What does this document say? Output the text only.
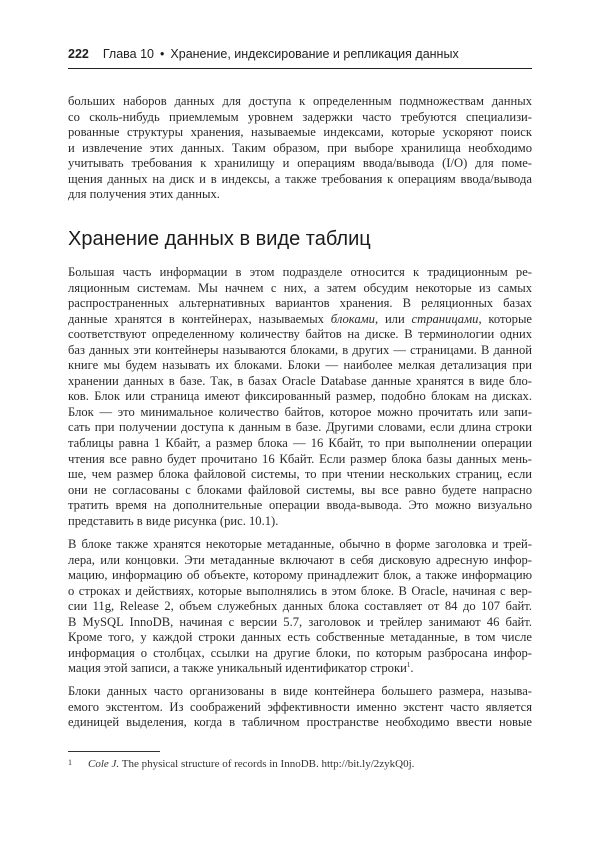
222 Глава 10 • Хранение, индексирование и репликация данных
больших наборов данных для доступа к определенным подмножествам данных
со сколь-нибудь приемлемым уровнем задержки часто требуются специализи-
рованные структуры хранения, называемые индексами, которые ускоряют поиск
и извлечение этих данных. Таким образом, при выборе хранилища необходимо
учитывать требования к хранилищу и операциям ввода/вывода (I/O) для поме-
щения данных на диск и в индексы, а также требования к операциям ввода/вывода
для получения этих данных.
Хранение данных в виде таблиц
Большая часть информации в этом подразделе относится к традиционным ре-
ляционным системам. Мы начнем с них, а затем обсудим некоторые из самых
распространенных альтернативных вариантов хранения. В реляционных базах
данные хранятся в контейнерах, называемых блоками, или страницами, которые
соответствуют определенному количеству байтов на диске. В терминологии одних
баз данных эти контейнеры называются блоками, в других — страницами. В данной
книге мы будем называть их блоками. Блоки — наиболее мелкая детализация при
хранении данных в базе. Так, в базах Oracle Database данные хранятся в виде бло-
ков. Блок или страница имеют фиксированный размер, подобно блокам на дисках.
Блок — это минимальное количество байтов, которое можно прочитать или запи-
сать при получении доступа к данным в базе. Другими словами, если длина строки
таблицы равна 1 Кбайт, а размер блока — 16 Кбайт, то при выполнении операции
чтения все равно будет прочитано 16 Кбайт. Если размер блока базы данных мень-
ше, чем размер блока файловой системы, то при чтении нескольких страниц, если
они не согласованы с блоками файловой системы, вы все равно будете напрасно
тратить время на дополнительные операции ввода-вывода. Это можно визуально
представить в виде рисунка (рис. 10.1).
В блоке также хранятся некоторые метаданные, обычно в форме заголовка и трей-
лера, или концовки. Эти метаданные включают в себя дисковую адресную инфор-
мацию, информацию об объекте, которому принадлежит блок, а также информацию
о строках и действиях, которые выполнялись в этом блоке. В Oracle, начиная с вер-
сии 11g, Release 2, объем служебных данных блока составляет от 84 до 107 байт.
В MySQL InnoDB, начиная с версии 5.7, заголовок и трейлер занимают 46 байт.
Кроме того, у каждой строки данных есть собственные метаданные, в том числе
информация о столбцах, ссылки на другие блоки, по которым разбросана инфор-
мация этой записи, а также уникальный идентификатор строки$^1$.
Блоки данных часто организованы в виде контейнера большего размера, называ-
емого экстентом. Из соображений эффективности именно экстент часто является
единицей выделения, когда в табличном пространстве необходимо ввести новые
1 Cole J. The physical structure of records in InnoDB. http://bit.ly/2zykQ0j.
